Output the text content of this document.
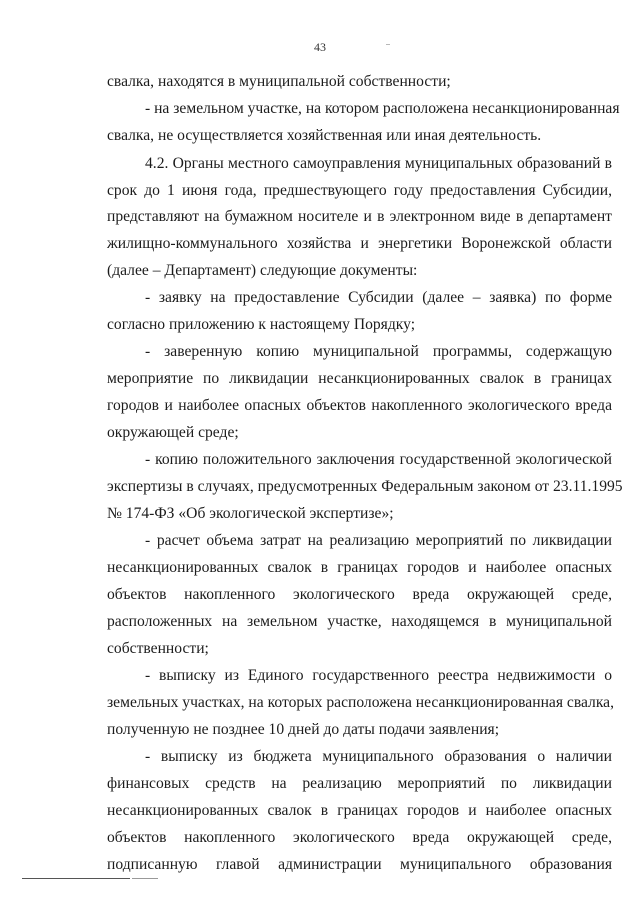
43
свалка, находятся в муниципальной собственности;
- на земельном участке, на котором расположена несанкционированная
свалка, не осуществляется хозяйственная или иная деятельность.
4.2. Органы местного самоуправления муниципальных образований в
срок до 1 июня года, предшествующего году предоставления Субсидии,
представляют на бумажном носителе и в электронном виде в департамент
жилищно-коммунального хозяйства и энергетики Воронежской области
(далее – Департамент) следующие документы:
- заявку на предоставление Субсидии (далее – заявка) по форме
согласно приложению к настоящему Порядку;
- заверенную копию муниципальной программы, содержащую
мероприятие по ликвидации несанкционированных свалок в границах
городов и наиболее опасных объектов накопленного экологического вреда
окружающей среде;
- копию положительного заключения государственной экологической
экспертизы в случаях, предусмотренных Федеральным законом от 23.11.1995
№ 174-ФЗ «Об экологической экспертизе»;
- расчет объема затрат на реализацию мероприятий по ликвидации
несанкционированных свалок в границах городов и наиболее опасных
объектов накопленного экологического вреда окружающей среде,
расположенных на земельном участке, находящемся в муниципальной
собственности;
- выписку из Единого государственного реестра недвижимости о
земельных участках, на которых расположена несанкционированная свалка,
полученную не позднее 10 дней до даты подачи заявления;
- выписку из бюджета муниципального образования о наличии
финансовых средств на реализацию мероприятий по ликвидации
несанкционированных свалок в границах городов и наиболее опасных
объектов накопленного экологического вреда окружающей среде,
подписанную главой администрации муниципального образования
